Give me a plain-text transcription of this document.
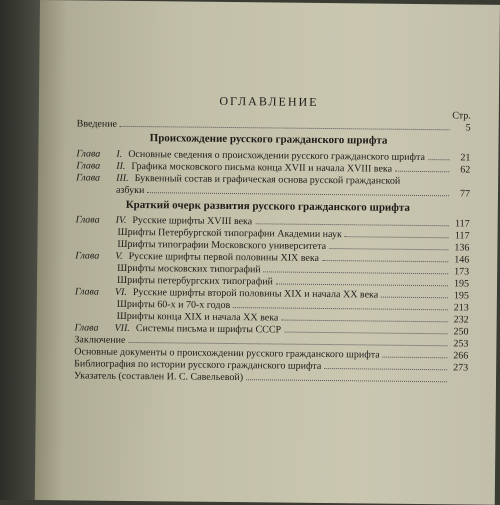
ОГЛАВЛЕНИЕ
Стр.
Введение	5
Происхождение русского гражданского шрифта
Глава	I. Основные сведения о происхождении русского гражданского шрифта	21
Глава	II. Графика московского письма конца XVII и начала XVIII века	62
Глава	III. Буквенный состав и графическая основа русской гражданской
азбуки	77
Краткий очерк развития русского гражданского шрифта
Глава	IV. Русские шрифты XVIII века	117
Шрифты Петербургской типографии Академии наук	117
Шрифты типографии Московского университета	136
Глава	V. Русские шрифты первой половины XIX века	146
Шрифты московских типографий	173
Шрифты петербургских типографий	195
Глава	VI. Русские шрифты второй половины XIX и начала XX века	195
Шрифты 60-х и 70-х годов	213
Шрифты конца XIX и начала XX века	232
Глава	VII. Системы письма и шрифты СССР	250
Заключение	253
Основные документы о происхождении русского гражданского шрифта	266
Библиография по истории русского гражданского шрифта	273
Указатель (составлен И. С. Савельевой)
